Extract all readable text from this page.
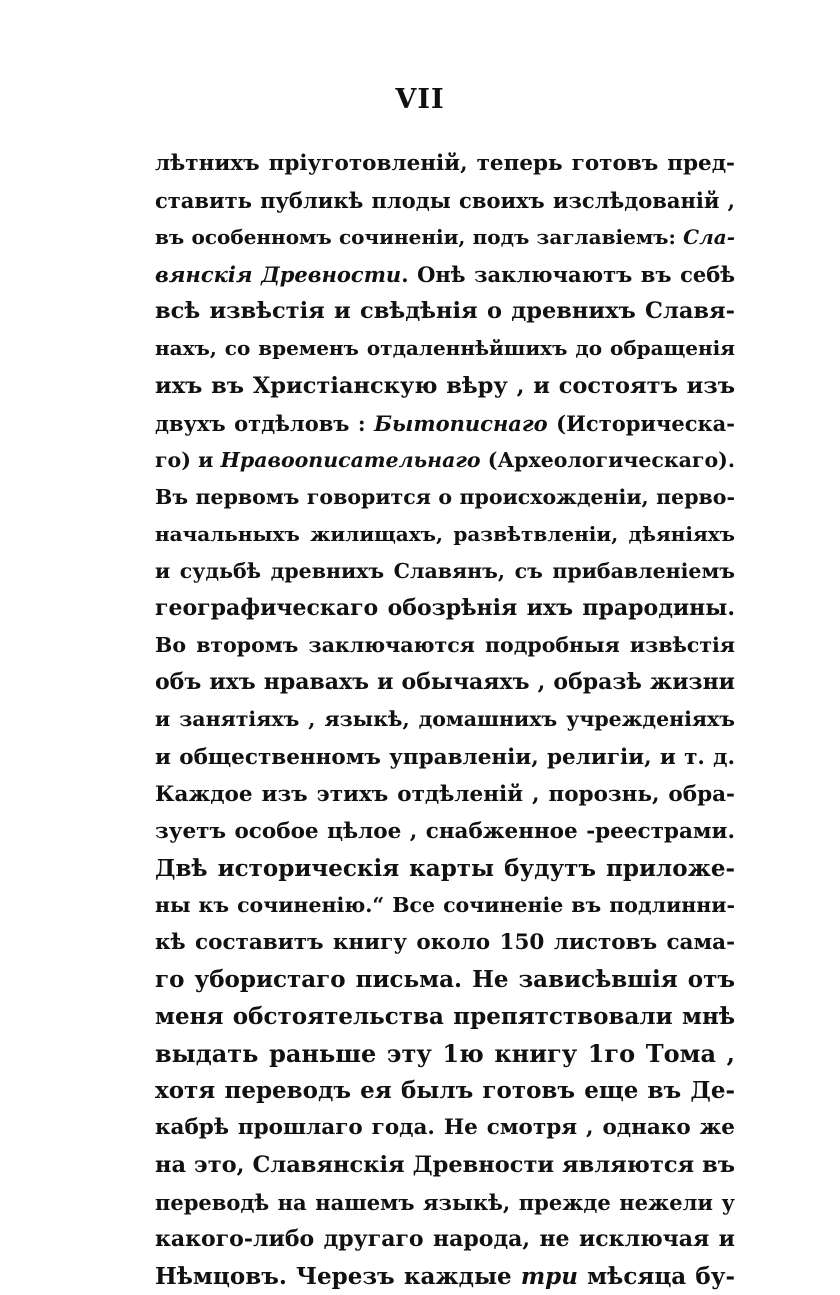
VII
лѣтнихъ пріуготовленій, теперь готовъ пред-
ставить публикѣ плоды своихъ изслѣдованій ,
въ особенномъ сочиненіи, подъ заглавіемъ: Сла-
вянскія Древности. Онѣ заключаютъ въ себѣ
всѣ извѣстія и свѣдѣнія о древнихъ Славя-
нахъ, со временъ отдаленнѣйшихъ до обращенія
ихъ въ Христіанскую вѣру , и состоятъ изъ
двухъ отдѣловъ : Бытописнаго (Историческа-
го) и Нравоописательнаго (Археологическаго).
Въ первомъ говорится о происхожденіи, перво-
начальныхъ жилищахъ, развѣтвленіи, дѣяніяхъ
и судьбѣ древнихъ Славянъ, съ прибавленіемъ
географическаго обозрѣнія ихъ прародины.
Во второмъ заключаются подробныя извѣстія
объ ихъ нравахъ и обычаяхъ , образѣ жизни
и занятіяхъ , языкѣ, домашнихъ учрежденіяхъ
и общественномъ управленіи, религіи, и т. д.
Каждое изъ этихъ отдѣленій , порознь, обра-
зуетъ особое цѣлое , снабженное -реестрами.
Двѣ историческія карты будутъ приложе-
ны къ сочиненію.“ Все сочиненіе въ подлинни-
кѣ составитъ книгу около 150 листовъ сама-
го убористаго письма. Не зависѣвшія отъ
меня обстоятельства препятствовали мнѣ
выдать раньше эту 1ю книгу 1го Тома ,
хотя переводъ ея былъ готовъ еще въ Де-
кабрѣ прошлаго года. Не смотря , однако же
на это, Славянскія Древности являются въ
переводѣ на нашемъ языкѣ, прежде нежели у
какого-либо другаго народа, не исключая и
Нѣмцовъ. Черезъ каждые три мѣсяца бу-
